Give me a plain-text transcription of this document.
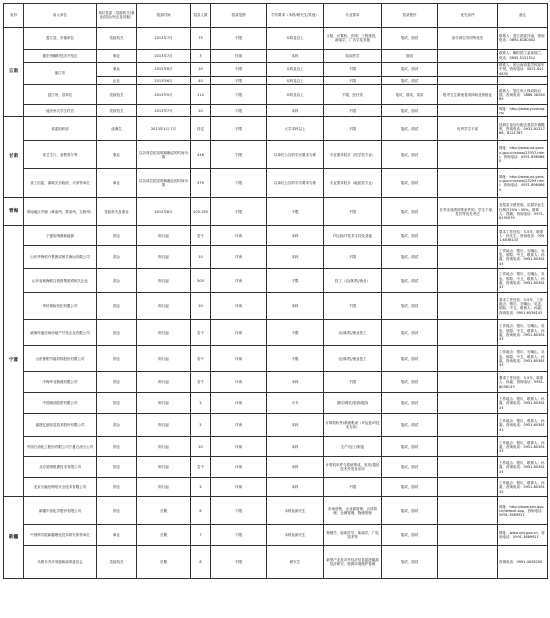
省份	用人单位	单位性质（党政机关/事业/国企/民企及其他）	招录时间	招录人数	招录范围	学历要求（本科/研究生/其他）	专业需求	招录程序	优先条件	备注
云南	盈江县、乡镇单位	党政机关	2013年7月	75	不限	本科及以上	文秘，计算机，法律，工程建设，新闻学，广告学及其他	笔试，面试	部分岗位有同等优先	联系人：盈江团委吕函，咨询电话：0692-8180402
	德宏州畹町经济开发区	事业	2013年7月	3	详询	本科	临床医学	面试		联系人：畹町团工委姜瑞兰，电话：0692-5151512
	丽江市	事业	2013年6月	10	不限	本科及以上	不限	笔试，面试		联系人：团云南省委学校部史中贤，咨询电话：0871-6414830
		企业	2013年6月	40	不限	本科及以上	不限	笔试，面试		
	怒江州、县单位	党政机关	2013年5月	114	不限	本科及以上	不限，医疗类	笔试，面试，试讲	报考卫生系统者须持职业资格证	联系人：怒江州人保局杨启德，咨询电话：0886-3628069
	迪庆州大学生村官	党政机关	2013年7月	10	不限	本科	不限	笔试，面试		网址：http://www.ynrshaw.cn/
甘肃	省委组织部	选调生	2013年4月-7月	待定	不限	大学本科以上	不限	笔试，面试	优秀学生干部	选调生参加分配去基层乡镇锻炼，咨询电话：0931-8121766，8121767
	省卫生厅，省教育厅等	事业	以各岗位招录领域确定的时间为准	416	不限	以单位公告的学历要求为准	专业需求较多（医学类专业）	笔试，面试		网址：http://www.rst.gansu.gov.cn/show/23357.html；咨询电话：0931-8960660
	省工信委，嘉峪关市政府，平凉等单位	事业	以各岗位招录领域确定的时间为准	379	不限	以单位公告的学历要求为准	专业需求较多（地质类专业）	笔试，面试		网址：http://www.rst.gansu.gov.cn/show/23299.html；咨询电话：0931-8960660
青海	青南地区乡镇（黄南州、果洛州、玉树州）	党政机关及事业	2013年6月	100-150	不限	不限	不限	笔试，面试	在考录成绩同等条件的，学生干部、党员等优先考虑	农招录少数民族，应届毕业生比例在20%～30%，联系人：昌鹏，咨询电话：0971-6190979
宁夏	宁夏哈纳斯新能源	国企	即日起	若干	详询	本科	IT运营/IT技术支持及其他	笔试，面试		要求工作经验：3-5年，联系人：孙先生；咨询电话：0951-6036143
	山东华鲁恒升集团或相关海运有限公司	国企	即日起	10	详询	本科	不限	笔试，面试		工作地点：银川、石嘴山、吴忠、固原、中卫，联系人：孙嘉，咨询电话：0951-6036143
	山东省威海联合投资集团或相关企业	国企	即日起	500	详询	不限	技工（农/林/牧/渔业）	笔试，面试		工作地点：银川、石嘴山、吴忠、固原、中卫，联系人：孙嘉，咨询电话：0951-6036143
	华信保险经纪有限公司	国企	即日起	10	详询	本科	不限	笔试，面试		要求工作经验：3-5年，工作地点：银川、石嘴山、吴忠、固原、中卫，联系人：孙嘉，咨询电话：0951-6036143
	威海环盛市场房地产开发企业有限公司	国企	即日起	若干	详询	不限	农/林/牧/渔业技工	笔试，面试		工作地点：银川、石嘴山、吴忠、固原、中卫，联系人：孙嘉，咨询电话：0951-6036143
	山东鲁阳节能材料股份有限公司	国企	即日起	若干	详询	不限	农/林/牧/渔业技工	笔试，面试		工作地点：银川、石嘴山、吴忠、固原、中卫，联系人：孙嘉，咨询电话：0951-6036143
	中海华北物流有限公司	国企	即日起	若干	详询	本科	不限	笔试，面试		要求工作经验：3-5年，联系人：孙嘉，咨询电话：0951-6036143
	中国海油投资有限公司	国企	即日起	2	详询	大专	酒店/餐饮/旅游/服务	笔试，面试		工作地点：银川，联系人：孙嘉，咨询电话：0951-6036143
	福建亿丽信息技术股份有限公司	国企	即日起	2	详询	本科	计算机软件/系统集成（IT运营/IT技术支持）	笔试，面试		工作地点：银川，联系人：孙嘉，咨询电话：0951-6036143
	中国石油化工股份有限公司宁夏石油分公司	国企	即日起	10	详询	本科	生产/加工/制造	笔试，面试		工作地点：银川，联系人：孙嘉，咨询电话：0951-6036143
	北京星网锐捷技术有限公司	国企	即日起	若干	详询	本科	计算机软件与系统集成、电信/通信技术开发及应用	笔试，面试		工作地点：银川，联系人：孙嘉，咨询电话：0951-6036143
	北京天融信网络安全技术有限公司	国企	即日起	2	详询	本科	不限	笔试，面试		工作地点：银川，联系人：孙嘉，咨询电话：0951-6036143
新疆	新疆中泰化学股份有限公司	国企	长期	6	不限	本科及研究生	市场营销，企业源管理，合同管理，仓储管理，物流管理	笔试，面试		网址：http://www.xjrs.gov.cn/default.asp，咨询电话：0991-3689921
	中国科学院新疆理化技术研究所等单位	事业	长期	7	不限	本科及研究生	物理学，临床医学，新闻学，广电技术等	笔试，面试		网址：www.xjrs.gov.cn，咨询电话：0991-3689921
	乌鲁木齐市发展和改革委员会	党政机关	长期	8	不限	研究生	新型产业及对外经济信息促进能源经济研究；资源环境保护管理	笔试，面试		咨询电话：0991-4638205
